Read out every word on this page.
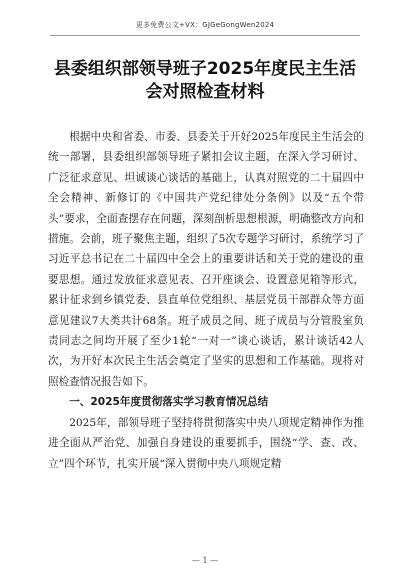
更多免费公文+VX：GJGeGongWen2024
县委组织部领导班子2025年度民主生活
会对照检查材料

根据中央和省委、市委、县委关于开好2025年度民主生活会的统一部署，县委组织部领导班子紧扣会议主题，在深入学习研讨、广泛征求意见、坦诚谈心谈话的基础上，认真对照党的二十届四中全会精神、新修订的《中国共产党纪律处分条例》以及“五个带头”要求，全面查摆存在问题，深刻剖析思想根源，明确整改方向和措施。会前，班子聚焦主题，组织了5次专题学习研讨，系统学习了习近平总书记在二十届四中全会上的重要讲话和关于党的建设的重要思想。通过发放征求意见表、召开座谈会、设置意见箱等形式，累计征求到乡镇党委、县直单位党组织、基层党员干部群众等方面意见建议7大类共计68条。班子成员之间、班子成员与分管股室负责同志之间均开展了至少1轮“一对一”谈心谈话，累计谈话42人次，为开好本次民主生活会奠定了坚实的思想和工作基础。现将对照检查情况报告如下。

一、2025年度贯彻落实学习教育情况总结

2025年，部领导班子坚持将贯彻落实中央八项规定精神作为推进全面从严治党、加强自身建设的重要抓手，围绕“学、查、改、立”四个环节，扎实开展“深入贯彻中央八项规定精

— 1 —
